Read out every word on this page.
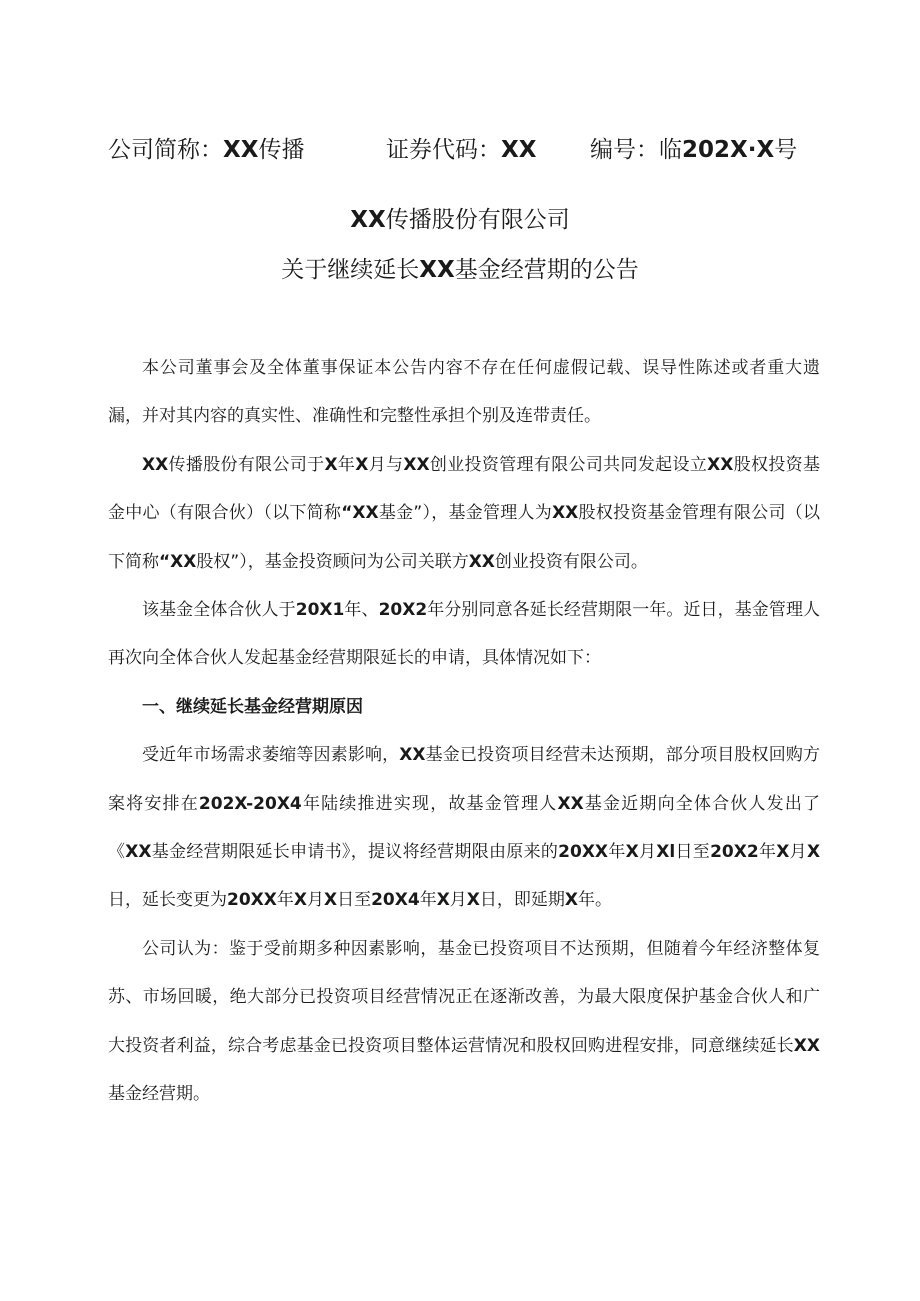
公司简称：XX传播	证券代码：XX 编号：临202X·X号
XX传播股份有限公司
关于继续延长XX基金经营期的公告

本公司董事会及全体董事保证本公告内容不存在任何虚假记载、误导性陈述或者重大遗漏，并对其内容的真实性、准确性和完整性承担个别及连带责任。

XX传播股份有限公司于X年X月与XX创业投资管理有限公司共同发起设立XX股权投资基金中心（有限合伙）（以下简称“XX基金”），基金管理人为XX股权投资基金管理有限公司（以下简称“XX股权”），基金投资顾问为公司关联方XX创业投资有限公司。

该基金全体合伙人于20X1年、20X2年分别同意各延长经营期限一年。近日，基金管理人再次向全体合伙人发起基金经营期限延长的申请，具体情况如下：

一、继续延长基金经营期原因

受近年市场需求萎缩等因素影响，XX基金已投资项目经营未达预期，部分项目股权回购方案将安排在202X-20X4年陆续推进实现，故基金管理人XX基金近期向全体合伙人发出了《XX基金经营期限延长申请书》，提议将经营期限由原来的20XX年X月Xl日至20X2年X月X日，延长变更为20XX年X月X日至20X4年X月X日，即延期X年。

公司认为：鉴于受前期多种因素影响，基金已投资项目不达预期，但随着今年经济整体复苏、市场回暖，绝大部分已投资项目经营情况正在逐渐改善，为最大限度保护基金合伙人和广大投资者利益，综合考虑基金已投资项目整体运营情况和股权回购进程安排，同意继续延长XX基金经营期。
